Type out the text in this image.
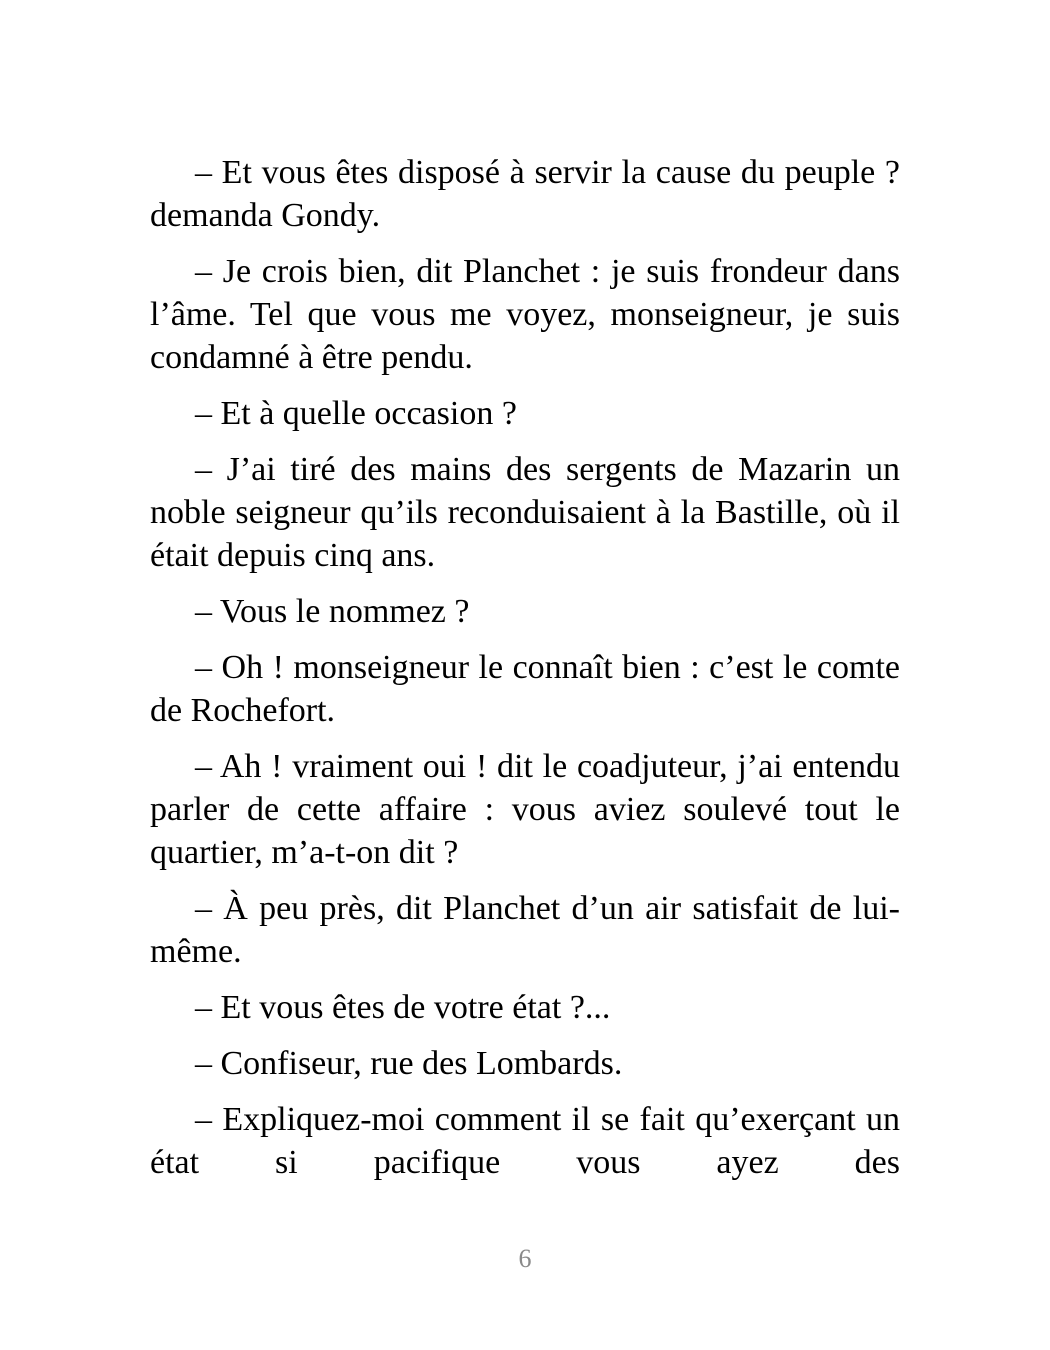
– Et vous êtes disposé à servir la cause du peuple ? demanda Gondy.

– Je crois bien, dit Planchet : je suis frondeur dans l’âme. Tel que vous me voyez, monseigneur, je suis condamné à être pendu.

– Et à quelle occasion ?

– J’ai tiré des mains des sergents de Mazarin un noble seigneur qu’ils reconduisaient à la Bastille, où il était depuis cinq ans.

– Vous le nommez ?

– Oh ! monseigneur le connaît bien : c’est le comte de Rochefort.

– Ah ! vraiment oui ! dit le coadjuteur, j’ai entendu parler de cette affaire : vous aviez soulevé tout le quartier, m’a-t-on dit ?

– À peu près, dit Planchet d’un air satisfait de lui-même.

– Et vous êtes de votre état ?...

– Confiseur, rue des Lombards.

– Expliquez-moi comment il se fait qu’exerçant un état si pacifique vous ayez des

6
